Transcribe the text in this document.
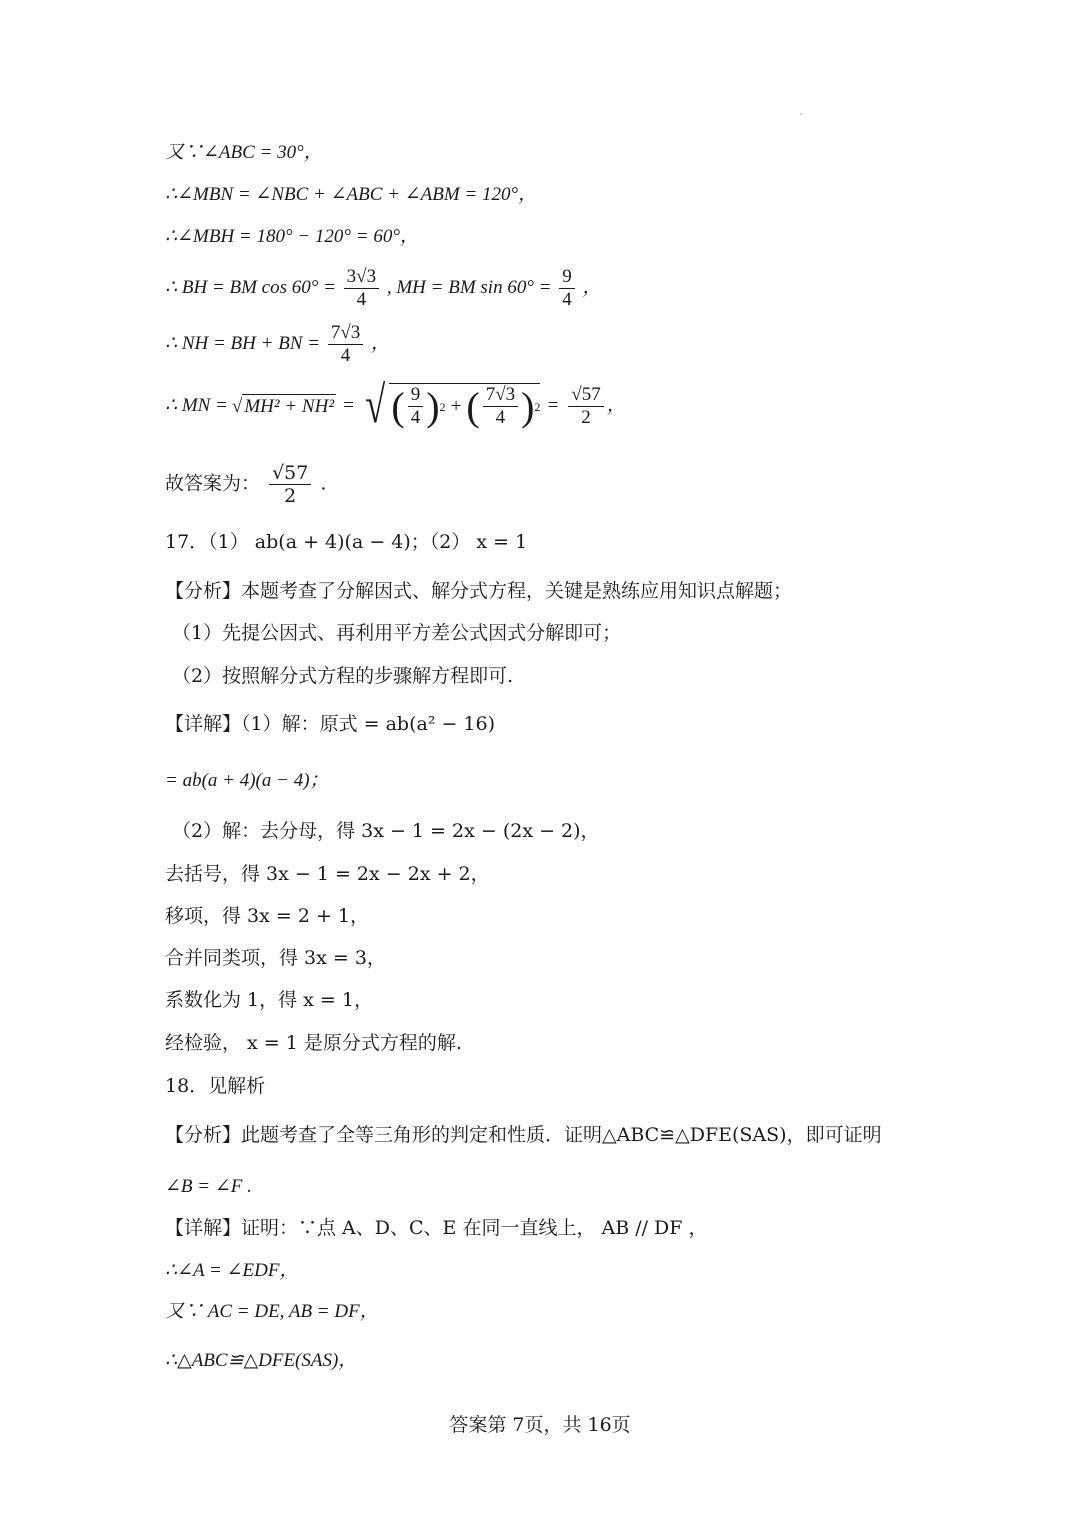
又∵∠ABC = 30°，
∴∠MBN = ∠NBC + ∠ABC + ∠ABM = 120°，
∴∠MBH = 180° − 120° = 60°，
∴ BH = BM $\cos 60^\circ = \frac{3√3}{4}$ , MH = BM $\sin 60^\circ = \frac{9}{4}$ ，
∴ NH = BH + BN = $\frac{7√3}{4}$ ，
∴ MN = √ MH² + NH² = √ ( $\frac{9}{4}$ ) 2 + ( $\frac{7√3}{4}$ ) $2 = \frac{√57}{2}$ ，
故答案为： $\frac{√57}{2}$ .
17．（1） ab(a + 4)(a − 4)；（2） x = 1
【分析】本题考查了分解因式、解分式方程，关键是熟练应用知识点解题；
（1）先提公因式、再利用平方差公式因式分解即可；
（2）按照解分式方程的步骤解方程即可.
【详解】（1）解：原式 = ab(a² − 16)
= ab(a + 4)(a − 4)；
（2）解：去分母，得 3x − 1 = 2x − (2x − 2)，
去括号，得 3x − 1 = 2x − 2x + 2，
移项，得 3x = 2 + 1，
合并同类项，得 3x = 3，
系数化为 1，得 x = 1，
经检验， x = 1 是原分式方程的解.
18．见解析
【分析】此题考查了全等三角形的判定和性质．证明△ABC≌△DFE(SAS)，即可证明
∠B = ∠F .
【详解】证明：∵点 A、D、C、E 在同一直线上， AB // DF ，
∴∠A = ∠EDF，
又∵ AC = DE, AB = DF，
∴△ABC≌△DFE(SAS)，
答案第 7页，共 16页
